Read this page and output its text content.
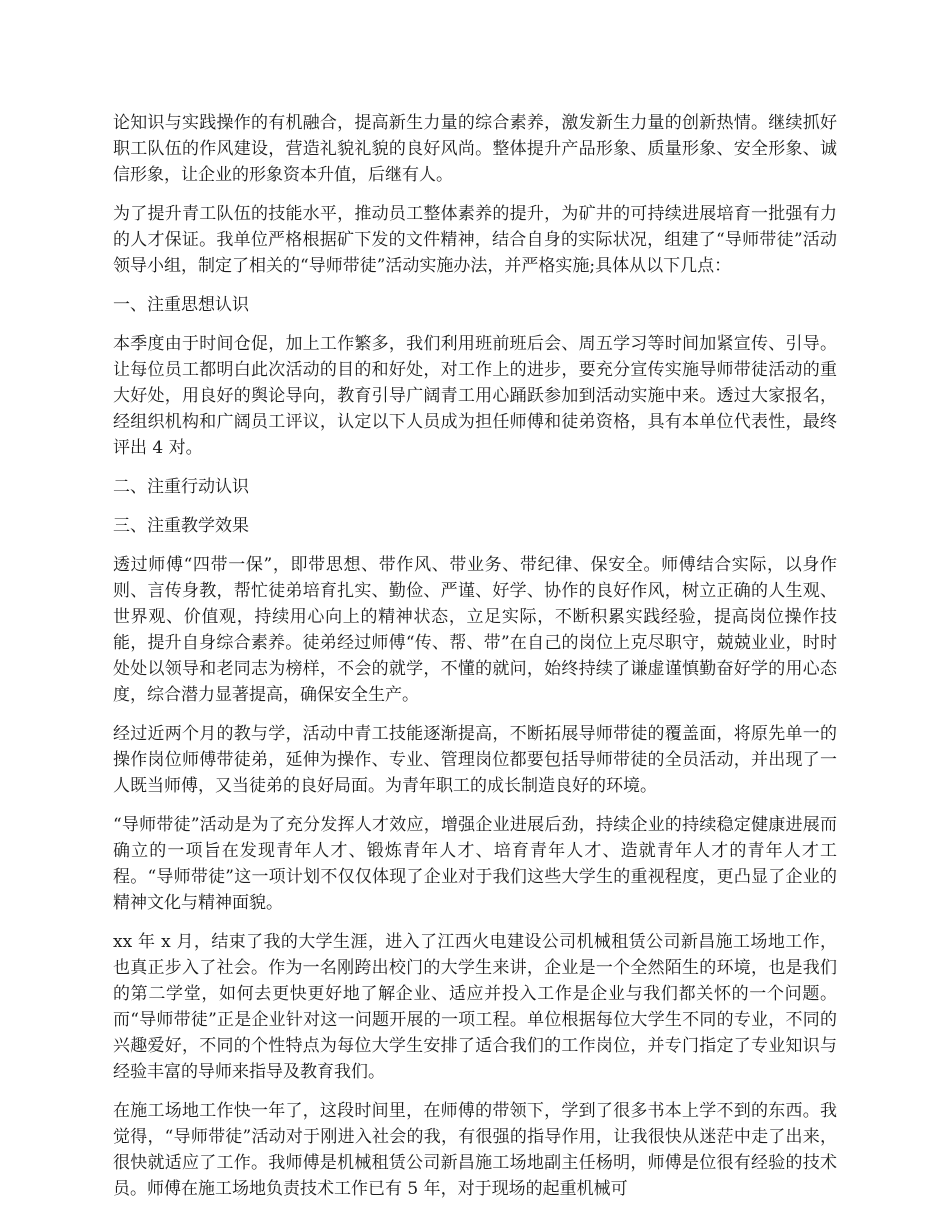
论知识与实践操作的有机融合，提高新生力量的综合素养，激发新生力量的创新热情。继续抓好职工队伍的作风建设，营造礼貌礼貌的良好风尚。整体提升产品形象、质量形象、安全形象、诚信形象，让企业的形象资本升值，后继有人。

为了提升青工队伍的技能水平，推动员工整体素养的提升，为矿井的可持续进展培育一批强有力的人才保证。我单位严格根据矿下发的文件精神，结合自身的实际状况，组建了“导师带徒”活动领导小组，制定了相关的“导师带徒”活动实施办法，并严格实施;具体从以下几点：

一、注重思想认识

本季度由于时间仓促，加上工作繁多，我们利用班前班后会、周五学习等时间加紧宣传、引导。让每位员工都明白此次活动的目的和好处，对工作上的进步，要充分宣传实施导师带徒活动的重大好处，用良好的舆论导向，教育引导广阔青工用心踊跃参加到活动实施中来。透过大家报名，经组织机构和广阔员工评议，认定以下人员成为担任师傅和徒弟资格，具有本单位代表性，最终评出 4 对。

二、注重行动认识

三、注重教学效果

透过师傅“四带一保”，即带思想、带作风、带业务、带纪律、保安全。师傅结合实际，以身作则、言传身教，帮忙徒弟培育扎实、勤俭、严谨、好学、协作的良好作风，树立正确的人生观、世界观、价值观，持续用心向上的精神状态，立足实际，不断积累实践经验，提高岗位操作技能，提升自身综合素养。徒弟经过师傅“传、帮、带”在自己的岗位上克尽职守，兢兢业业，时时处处以领导和老同志为榜样，不会的就学，不懂的就问，始终持续了谦虚谨慎勤奋好学的用心态度，综合潜力显著提高，确保安全生产。

经过近两个月的教与学，活动中青工技能逐渐提高，不断拓展导师带徒的覆盖面，将原先单一的操作岗位师傅带徒弟，延伸为操作、专业、管理岗位都要包括导师带徒的全员活动，并出现了一人既当师傅，又当徒弟的良好局面。为青年职工的成长制造良好的环境。

“导师带徒”活动是为了充分发挥人才效应，增强企业进展后劲，持续企业的持续稳定健康进展而确立的一项旨在发现青年人才、锻炼青年人才、培育青年人才、造就青年人才的青年人才工程。“导师带徒”这一项计划不仅仅体现了企业对于我们这些大学生的重视程度，更凸显了企业的精神文化与精神面貌。

xx 年 x 月，结束了我的大学生涯，进入了江西火电建设公司机械租赁公司新昌施工场地工作，也真正步入了社会。作为一名刚跨出校门的大学生来讲，企业是一个全然陌生的环境，也是我们的第二学堂，如何去更快更好地了解企业、适应并投入工作是企业与我们都关怀的一个问题。而“导师带徒”正是企业针对这一问题开展的一项工程。单位根据每位大学生不同的专业，不同的兴趣爱好，不同的个性特点为每位大学生安排了适合我们的工作岗位，并专门指定了专业知识与经验丰富的导师来指导及教育我们。

在施工场地工作快一年了，这段时间里，在师傅的带领下，学到了很多书本上学不到的东西。我觉得，“导师带徒”活动对于刚进入社会的我，有很强的指导作用，让我很快从迷茫中走了出来，很快就适应了工作。我师傅是机械租赁公司新昌施工场地副主任杨明，师傅是位很有经验的技术员。师傅在施工场地负责技术工作已有 5 年，对于现场的起重机械可
